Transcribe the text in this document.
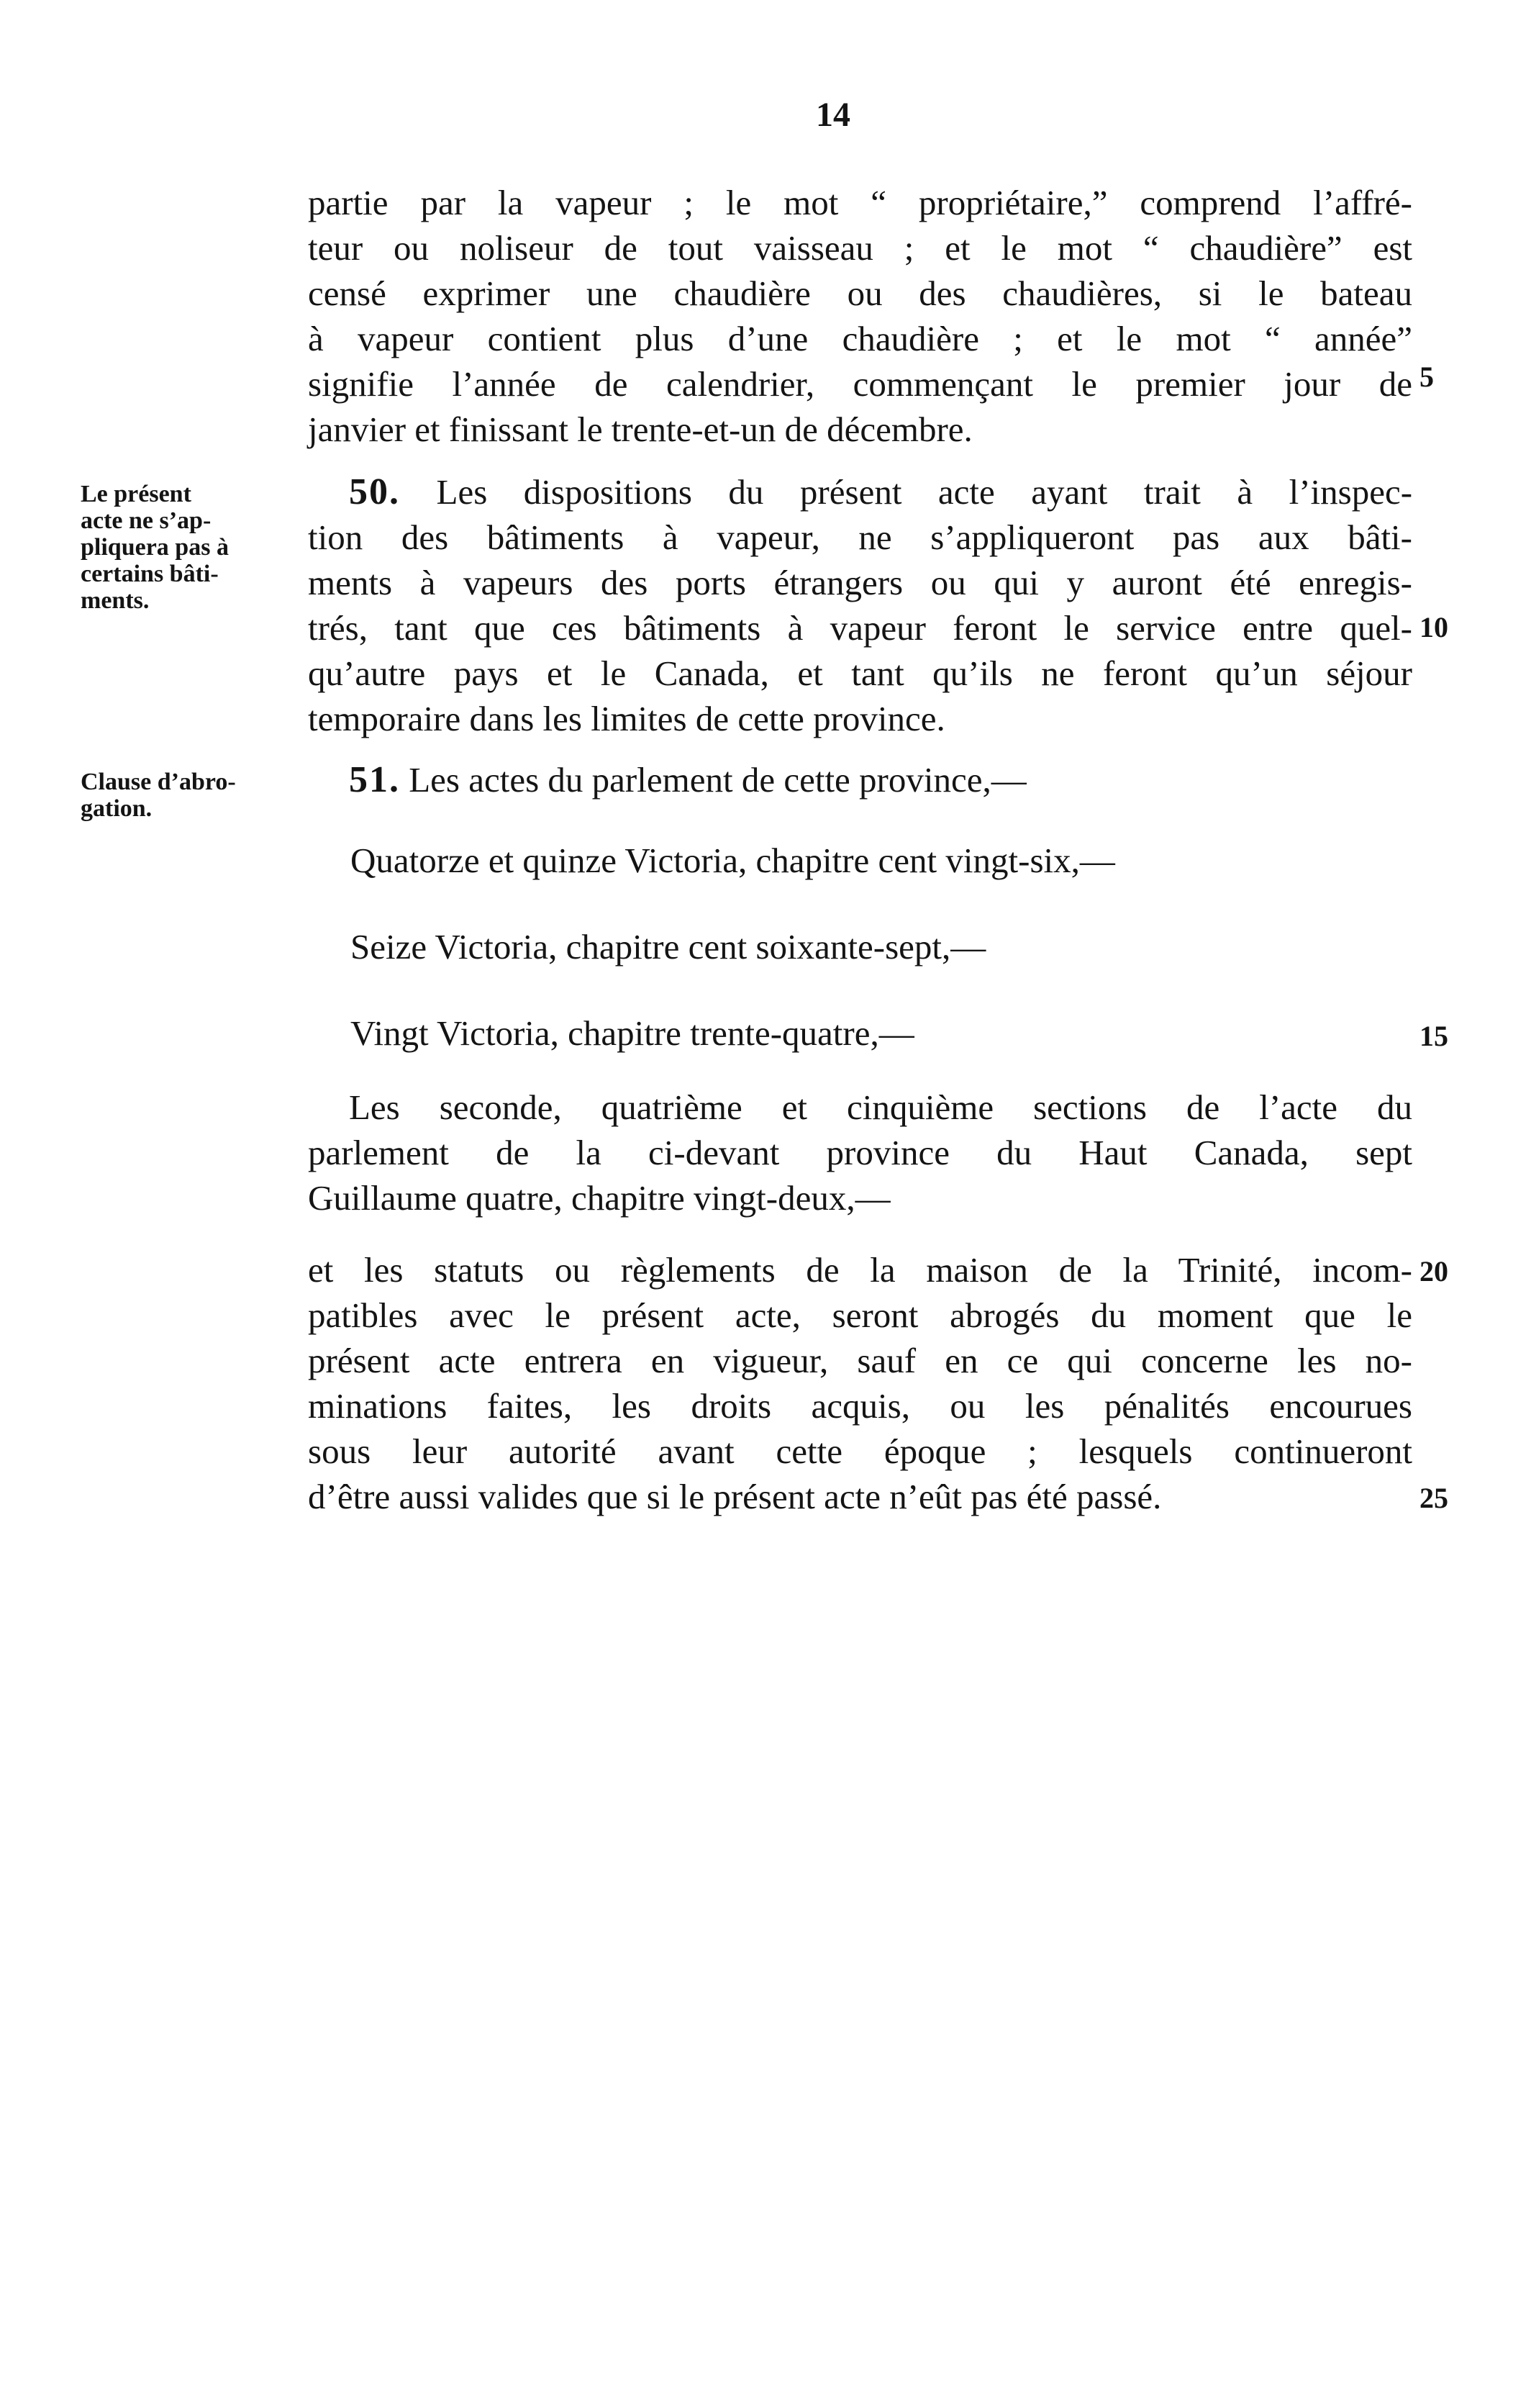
14
partie par la vapeur ; le mot “ propriétaire,” comprend l’affré-
teur ou noliseur de tout vaisseau ; et le mot “ chaudière” est
censé exprimer une chaudière ou des chaudières, si le bateau
à vapeur contient plus d’une chaudière ; et le mot “ année”
signifie l’année de calendrier, commençant le premier jour de
janvier et finissant le trente-et-un de décembre.
5
Le présent
acte ne s’ap-
pliquera pas à
certains bâti-
ments.
50. Les dispositions du présent acte ayant trait à l’inspec-
tion des bâtiments à vapeur, ne s’appliqueront pas aux bâti-
ments à vapeurs des ports étrangers ou qui y auront été enregis-
trés, tant que ces bâtiments à vapeur feront le service entre quel-
qu’autre pays et le Canada, et tant qu’ils ne feront qu’un séjour
temporaire dans les limites de cette province.
10
Clause d’abro-
gation.
51. Les actes du parlement de cette province,—
Quatorze et quinze Victoria, chapitre cent vingt-six,—
Seize Victoria, chapitre cent soixante-sept,—
Vingt Victoria, chapitre trente-quatre,—	15
Les seconde, quatrième et cinquième sections de l’acte du
parlement de la ci-devant province du Haut Canada, sept
Guillaume quatre, chapitre vingt-deux,—
et les statuts ou règlements de la maison de la Trinité, incom-
patibles avec le présent acte, seront abrogés du moment que le
présent acte entrera en vigueur, sauf en ce qui concerne les no-
minations faites, les droits acquis, ou les pénalités encourues
sous leur autorité avant cette époque ; lesquels continueront
d’être aussi valides que si le présent acte n’eût pas été passé.
20
25
